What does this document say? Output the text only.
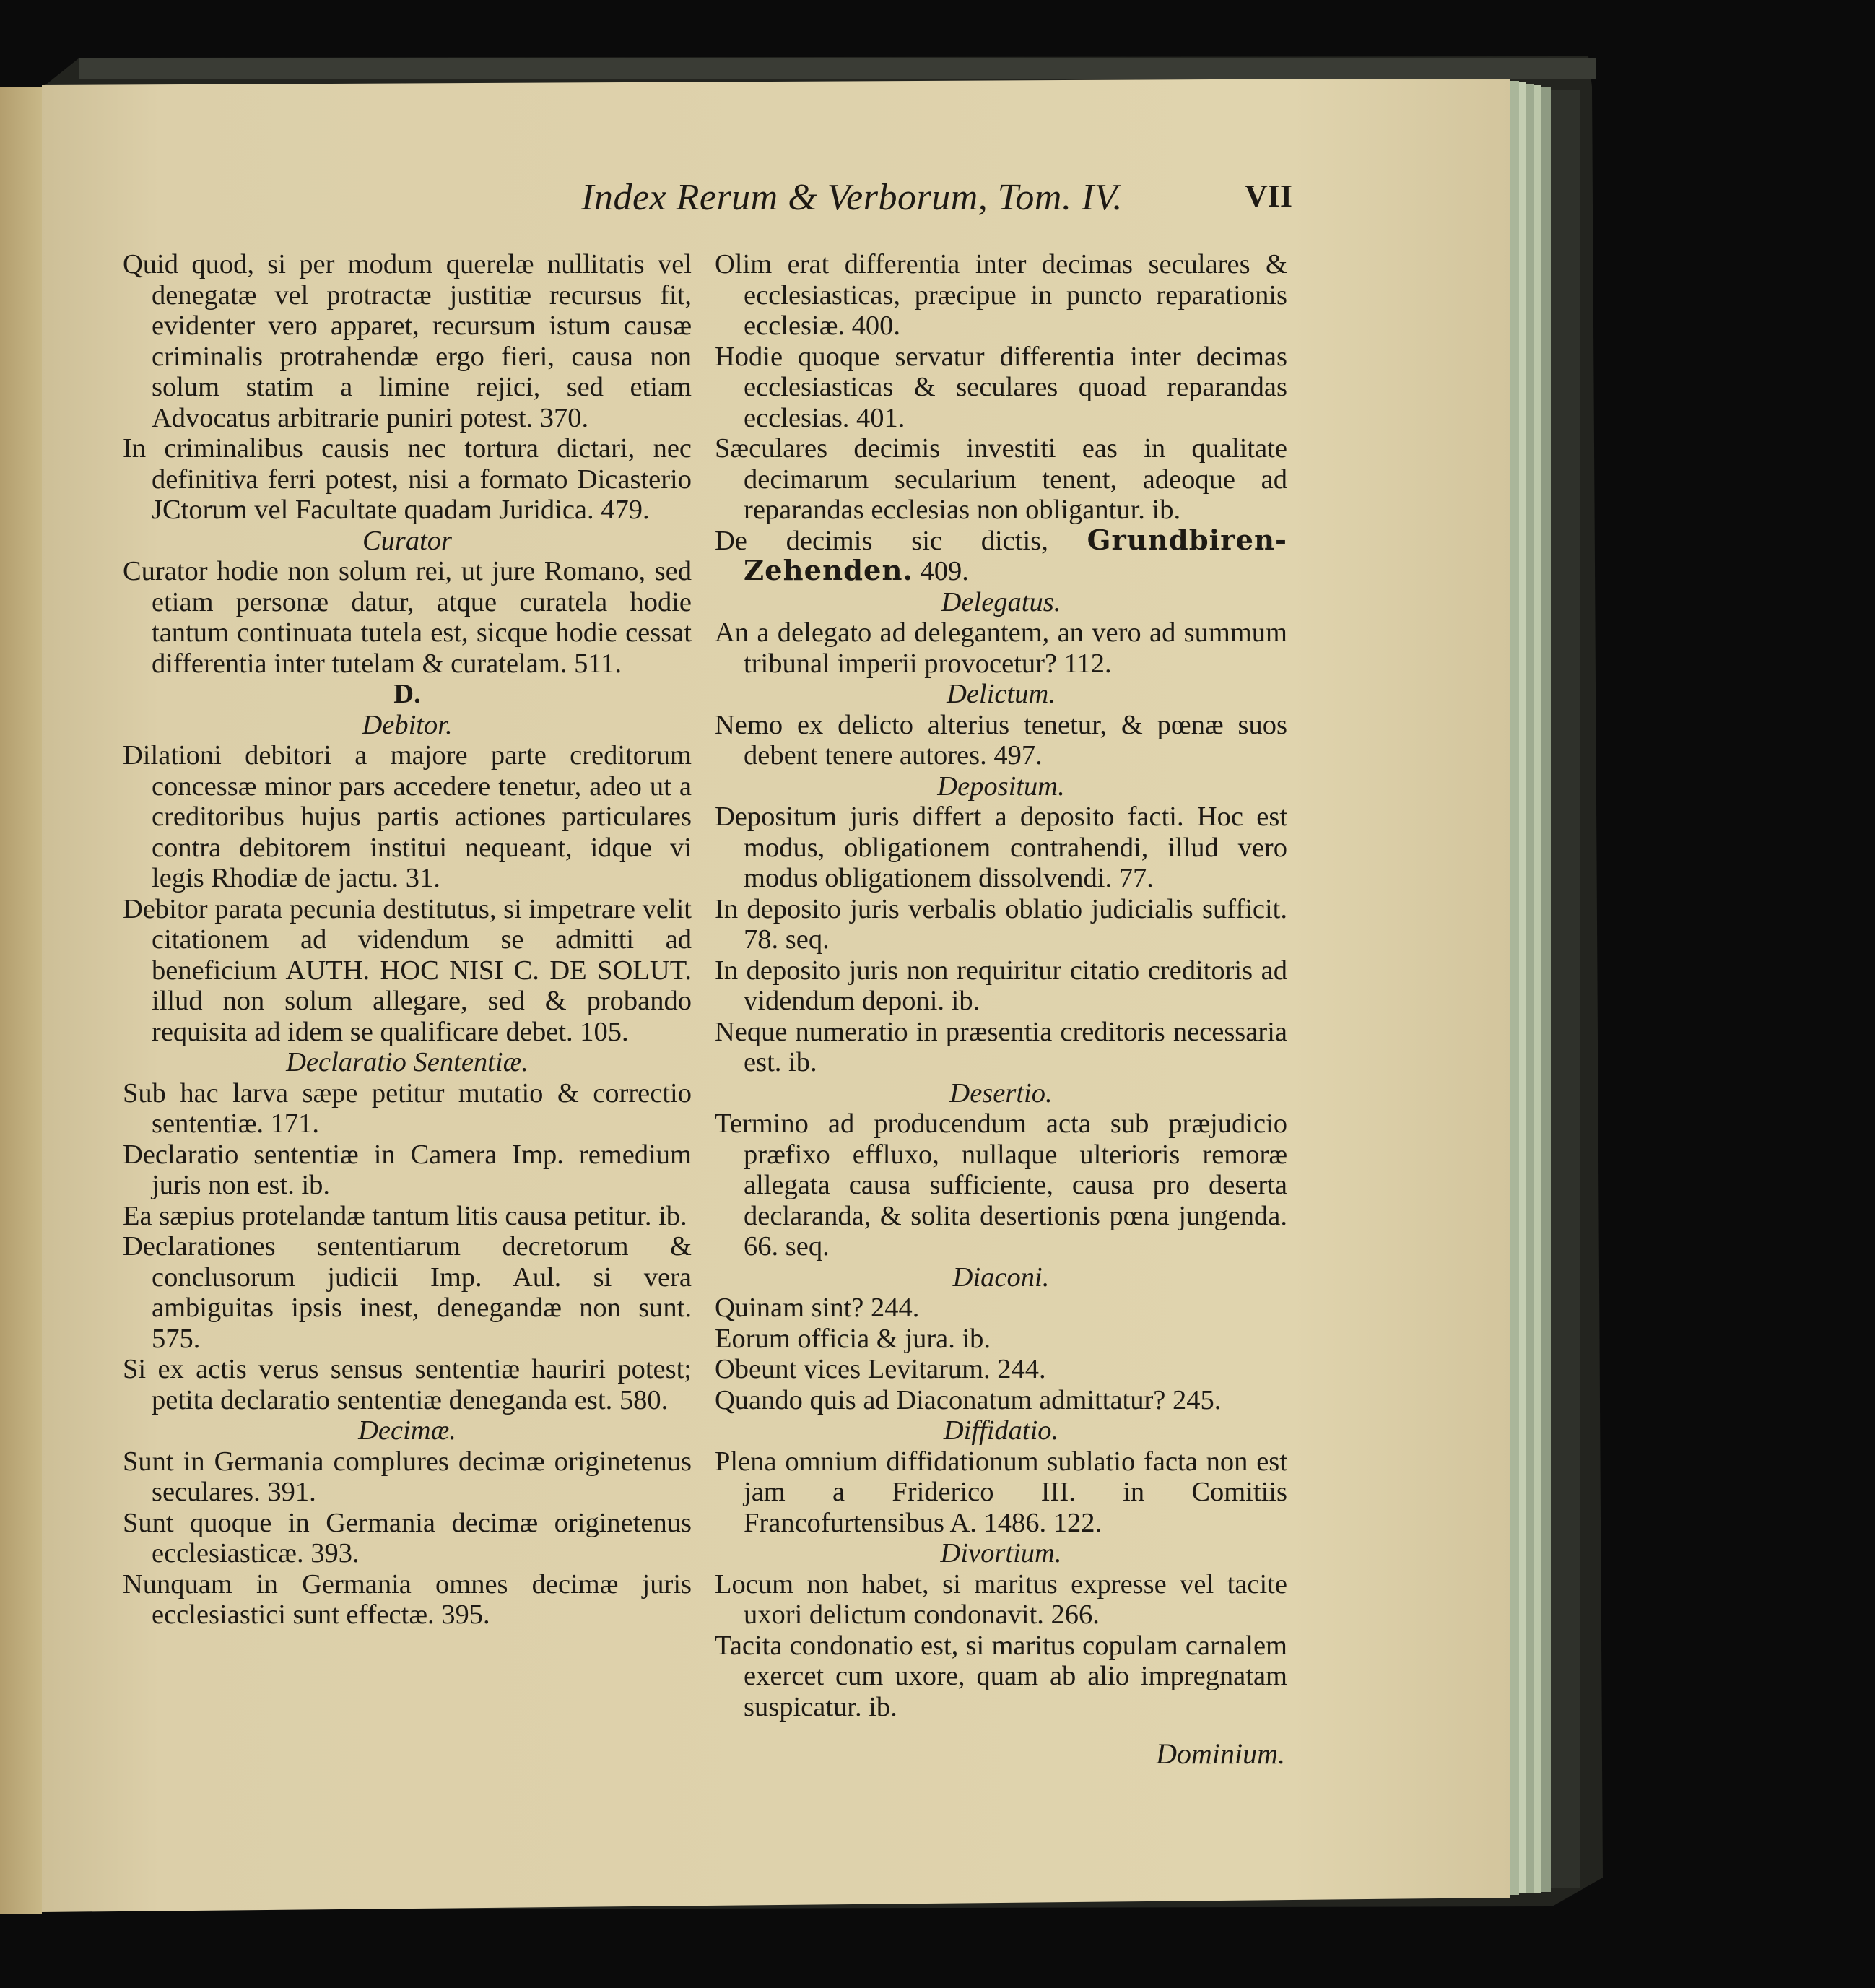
Index Rerum & Verborum, Tom. IV.	VII

Quid quod, si per modum querelæ nullitatis vel denegatæ vel protractæ justitiæ recursus fit, evidenter vero apparet, recursum istum causæ criminalis protrahendæ ergo fieri, causa non solum statim a limine rejici, sed etiam Advocatus arbitrarie puniri potest. 370.

In criminalibus causis nec tortura dictari, nec definitiva ferri potest, nisi a formato Dicasterio JCtorum vel Facultate quadam Juridica. 479.

Curator

Curator hodie non solum rei, ut jure Romano, sed etiam personæ datur, atque curatela hodie tantum continuata tutela est, sicque hodie cessat differentia inter tutelam & curatelam. 511.

D.

Debitor.

Dilationi debitori a majore parte creditorum concessæ minor pars accedere tenetur, adeo ut a creditoribus hujus partis actiones particulares contra debitorem institui nequeant, idque vi legis Rhodiæ de jactu. 31.

Debitor parata pecunia destitutus, si impetrare velit citationem ad videndum se admitti ad beneficium AUTH. HOC NISI C. DE SOLUT. illud non solum allegare, sed & probando requisita ad idem se qualificare debet. 105.

Declaratio Sententiæ.

Sub hac larva sæpe petitur mutatio & correctio sententiæ. 171.

Declaratio sententiæ in Camera Imp. remedium juris non est. ib.

Ea sæpius protelandæ tantum litis causa petitur. ib.

Declarationes sententiarum decretorum & conclusorum judicii Imp. Aul. si vera ambiguitas ipsis inest, denegandæ non sunt. 575.

Si ex actis verus sensus sententiæ hauriri potest; petita declaratio sententiæ deneganda est. 580.

Decimæ.

Sunt in Germania complures decimæ originetenus seculares. 391.

Sunt quoque in Germania decimæ originetenus ecclesiasticæ. 393.

Nunquam in Germania omnes decimæ juris ecclesiastici sunt effectæ. 395.

Olim erat differentia inter decimas seculares & ecclesiasticas, præcipue in puncto reparationis ecclesiæ. 400.

Hodie quoque servatur differentia inter decimas ecclesiasticas & seculares quoad reparandas ecclesias. 401.

Sæculares decimis investiti eas in qualitate decimarum secularium tenent, adeoque ad reparandas ecclesias non obligantur. ib.

De decimis sic dictis, Grundbiren-Zehenden. 409.

Delegatus.

An a delegato ad delegantem, an vero ad summum tribunal imperii provocetur? 112.

Delictum.

Nemo ex delicto alterius tenetur, & pœnæ suos debent tenere autores. 497.

Depositum.

Depositum juris differt a deposito facti. Hoc est modus, obligationem contrahendi, illud vero modus obligationem dissolvendi. 77.

In deposito juris verbalis oblatio judicialis sufficit. 78. seq.

In deposito juris non requiritur citatio creditoris ad videndum deponi. ib.

Neque numeratio in præsentia creditoris necessaria est. ib.

Desertio.

Termino ad producendum acta sub præjudicio præfixo effluxo, nullaque ulterioris remoræ allegata causa sufficiente, causa pro deserta declaranda, & solita desertionis pœna jungenda. 66. seq.

Diaconi.

Quinam sint? 244.

Eorum officia & jura. ib.

Obeunt vices Levitarum. 244.

Quando quis ad Diaconatum admittatur? 245.

Diffidatio.

Plena omnium diffidationum sublatio facta non est jam a Friderico III. in Comitiis Francofurtensibus A. 1486. 122.

Divortium.

Locum non habet, si maritus expresse vel tacite uxori delictum condonavit. 266.

Tacita condonatio est, si maritus copulam carnalem exercet cum uxore, quam ab alio impregnatam suspicatur. ib.

Dominium.
